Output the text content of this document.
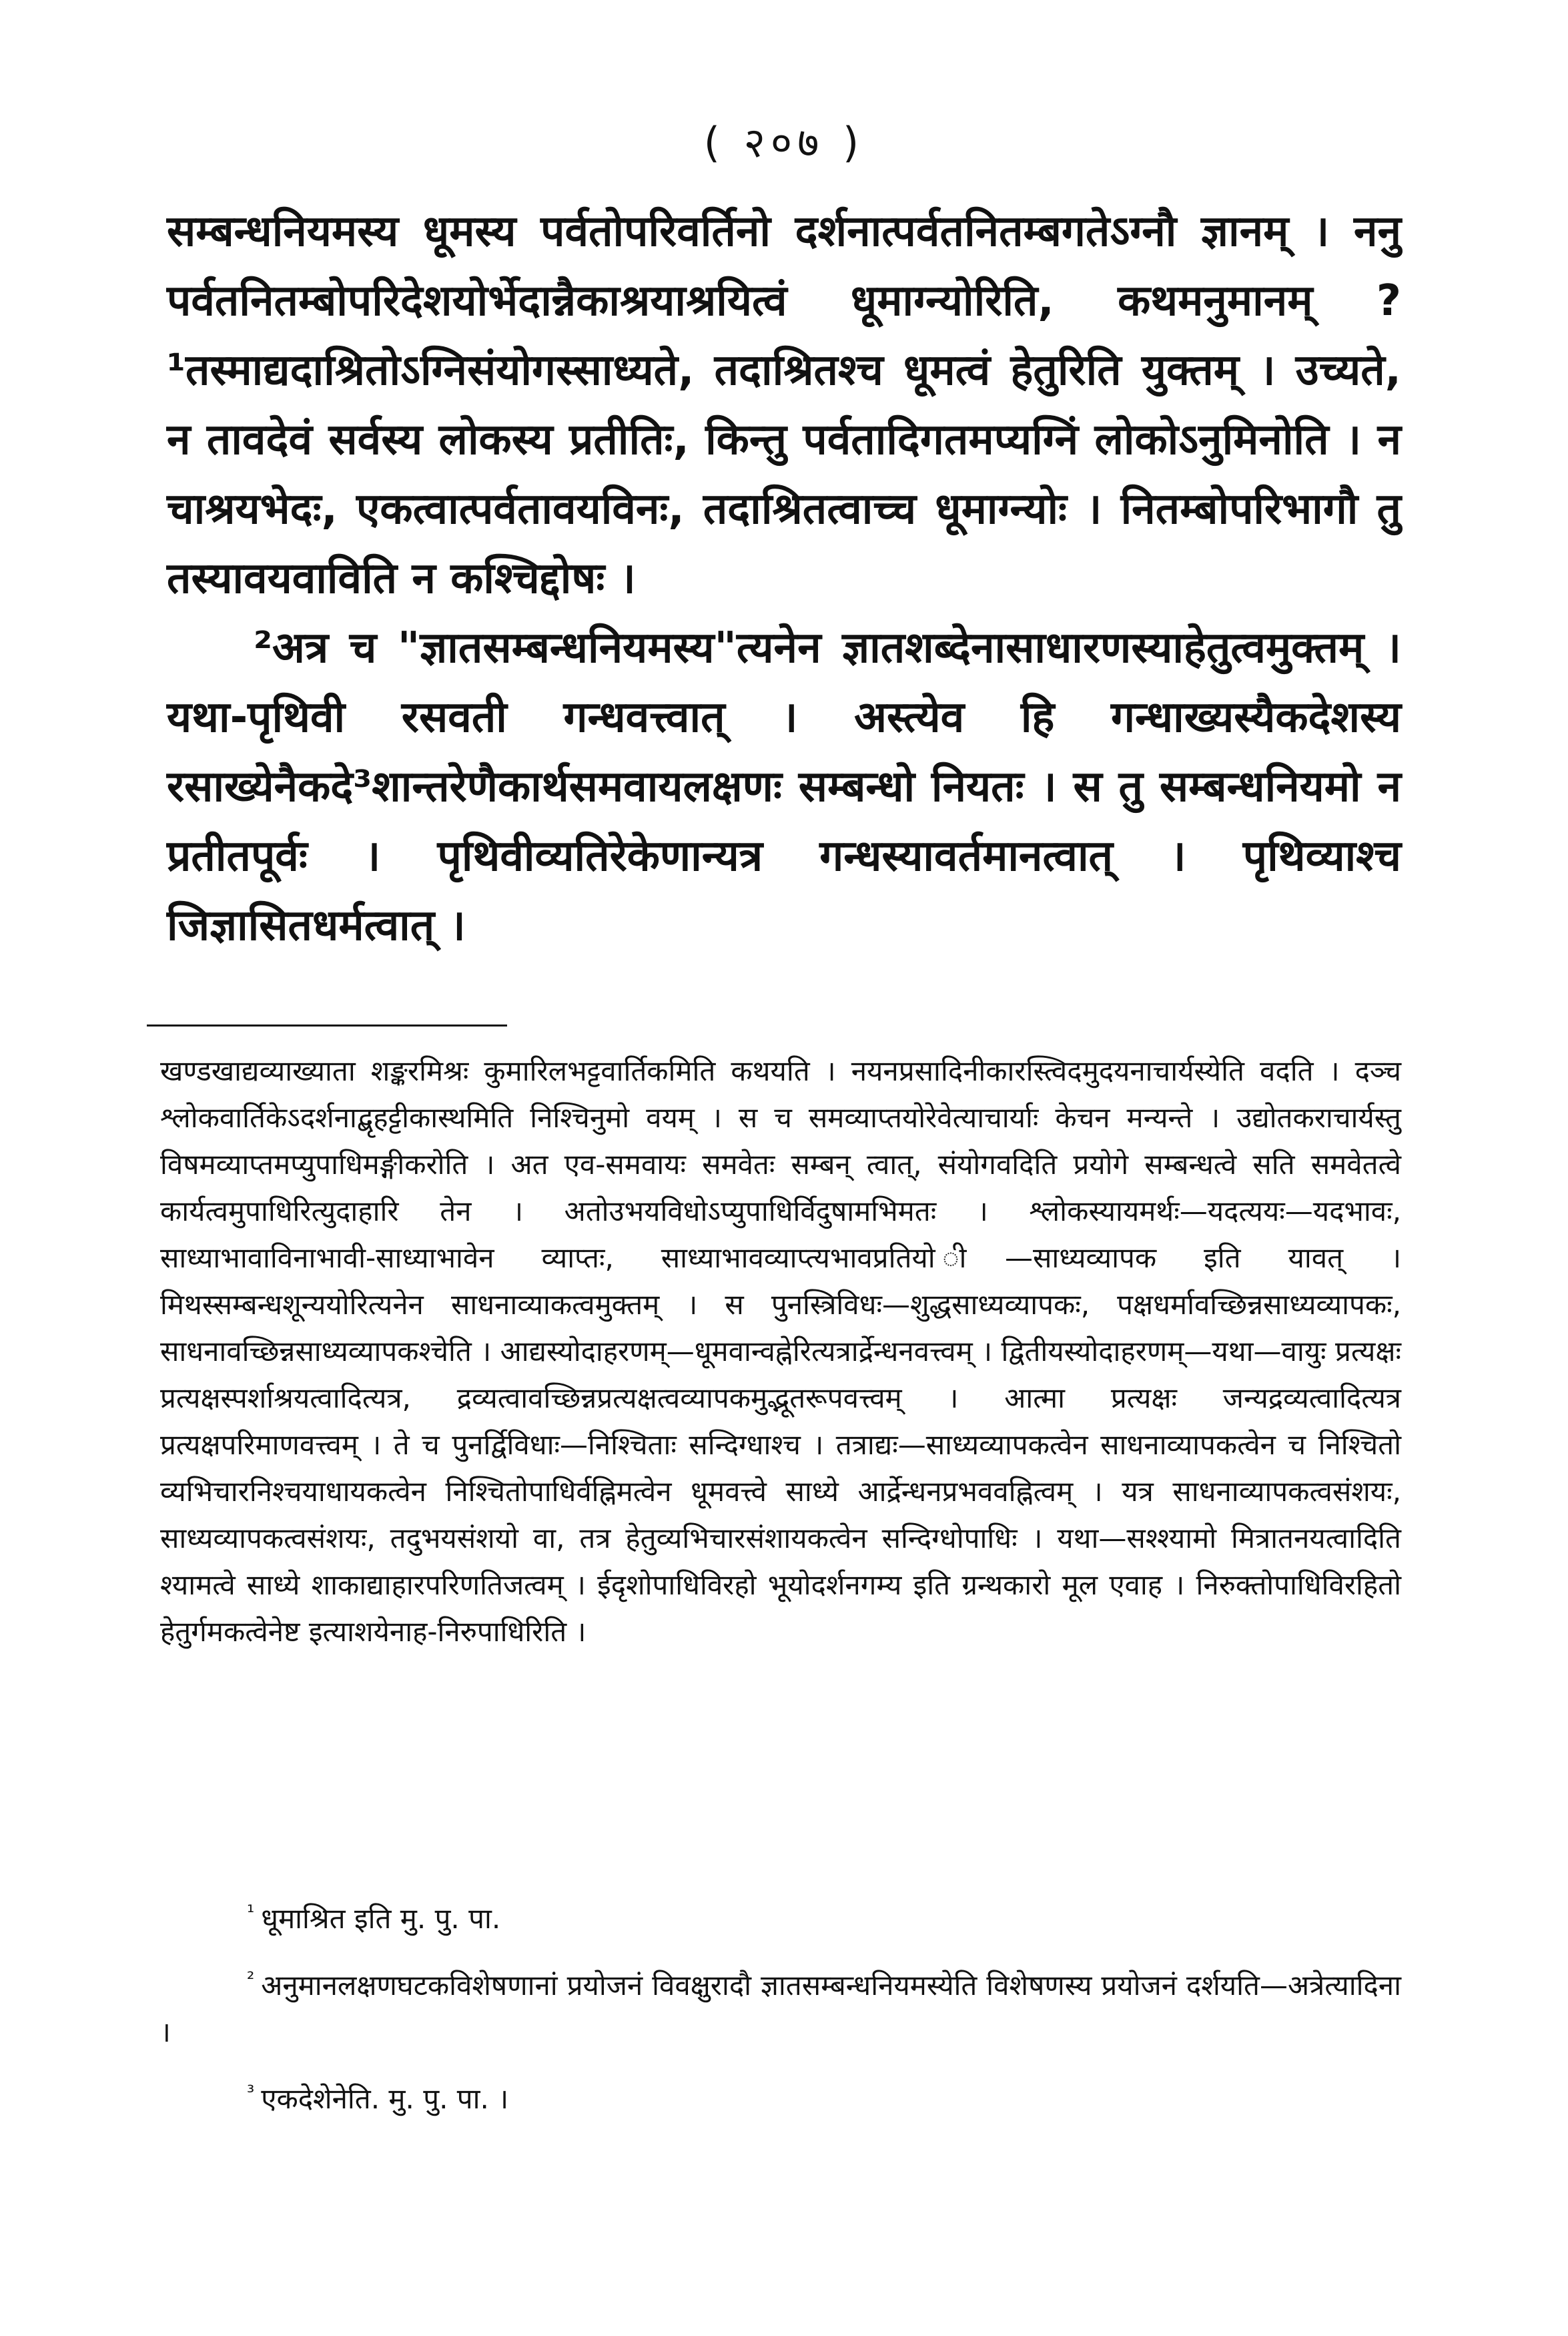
( २०७ )

सम्बन्धनियमस्य धूमस्य पर्वतोपरिवर्तिनो दर्शनात्पर्वतनितम्बगतेऽग्नौ ज्ञानम् । ननु पर्वतनितम्बोपरिदेशयोर्भेदान्नैकाश्रयाश्रयित्वं धूमाग्न्योरिति, कथमनुमानम् ? ¹तस्माद्यदाश्रितोऽग्निसंयोगस्साध्यते, तदाश्रितश्च धूमत्वं हेतुरिति युक्तम् । उच्यते, न तावदेवं सर्वस्य लोकस्य प्रतीतिः, किन्तु पर्वतादिगतमप्यग्निं लोकोऽनुमिनोति । न चाश्रयभेदः, एकत्वात्पर्वतावयविनः, तदाश्रितत्वाच्च धूमाग्न्योः । नितम्बोपरिभागौ तु तस्यावयवाविति न कश्चिद्दोषः ।

²अत्र च "ज्ञातसम्बन्धनियमस्य"त्यनेन ज्ञातशब्देनासाधारणस्याहेतुत्वमुक्तम् । यथा-पृथिवी रसवती गन्धवत्त्वात् । अस्त्येव हि गन्धाख्यस्यैकदेशस्य रसाख्येनैकदे³शान्तरेणैकार्थसमवायलक्षणः सम्बन्धो नियतः । स तु सम्बन्धनियमो न प्रतीतपूर्वः । पृथिवीव्यतिरेकेणान्यत्र गन्धस्यावर्तमानत्वात् । पृथिव्याश्च जिज्ञासितधर्मत्वात् ।

खण्डखाद्यव्याख्याता शङ्करमिश्रः कुमारिलभट्टवार्तिकमिति कथयति । नयनप्रसादिनीकारस्त्विदमुदयनाचार्यस्येति वदति । दञ्च श्लोकवार्तिकेऽदर्शनाद्बृहट्टीकास्थमिति निश्चिनुमो वयम् । स च समव्याप्तयोरेवेत्याचार्याः केचन मन्यन्ते । उद्योतकराचार्यस्तु विषमव्याप्तमप्युपाधिमङ्गीकरोति । अत एव-समवायः समवेतः सम्बन् त्वात्, संयोगवदिति प्रयोगे सम्बन्धत्वे सति समवेतत्वे कार्यत्वमुपाधिरित्युदाहारि तेन । अतोउभयविधोऽप्युपाधिर्विदुषामभिमतः । श्लोकस्यायमर्थः—यदत्ययः—यदभावः, साध्याभावाविनाभावी-साध्याभावेन व्याप्तः, साध्याभावव्याप्त्यभावप्रतियो ी—साध्यव्यापक इति यावत् । मिथस्सम्बन्धशून्ययोरित्यनेन साधनाव्याकत्वमुक्तम् । स पुनस्त्रिविधः—शुद्धसाध्यव्यापकः, पक्षधर्मावच्छिन्नसाध्यव्यापकः, साधनावच्छिन्नसाध्यव्यापकश्चेति । आद्यस्योदाहरणम्—धूमवान्वह्नेरित्यत्रार्द्रेन्धनवत्त्वम् । द्वितीयस्योदाहरणम्—यथा—वायुः प्रत्यक्षः प्रत्यक्षस्पर्शाश्रयत्वादित्यत्र, द्रव्यत्वावच्छिन्नप्रत्यक्षत्वव्यापकमुद्भूतरूपवत्त्वम् । आत्मा प्रत्यक्षः जन्यद्रव्यत्वादित्यत्र प्रत्यक्षपरिमाणवत्त्वम् । ते च पुनर्द्विविधाः—निश्चिताः सन्दिग्धाश्च । तत्राद्यः—साध्यव्यापकत्वेन साधनाव्यापकत्वेन च निश्चितो व्यभिचारनिश्चयाधायकत्वेन निश्चितोपाधिर्वह्निमत्वेन धूमवत्त्वे साध्ये आर्द्रेन्धनप्रभववह्नित्वम् । यत्र साधनाव्यापकत्वसंशयः, साध्यव्यापकत्वसंशयः, तदुभयसंशयो वा, तत्र हेतुव्यभिचारसंशायकत्वेन सन्दिग्धोपाधिः । यथा—सश्श्यामो मित्रातनयत्वादिति श्यामत्वे साध्ये शाकाद्याहारपरिणतिजत्वम् । ईदृशोपाधिविरहो भूयोदर्शनगम्य इति ग्रन्थकारो मूल एवाह । निरुक्तोपाधिविरहितो हेतुर्गमकत्वेनेष्ट इत्याशयेनाह-निरुपाधिरिति ।

$^{^1}$ धूमाश्रित इति मु. पु. पा.

$^{^2}$ अनुमानलक्षणघटकविशेषणानां प्रयोजनं विवक्षुरादौ ज्ञातसम्बन्धनियमस्येति विशेषणस्य प्रयोजनं दर्शयति—अत्रेत्यादिना ।

$^{^3}$ एकदेशेनेति. मु. पु. पा. ।
